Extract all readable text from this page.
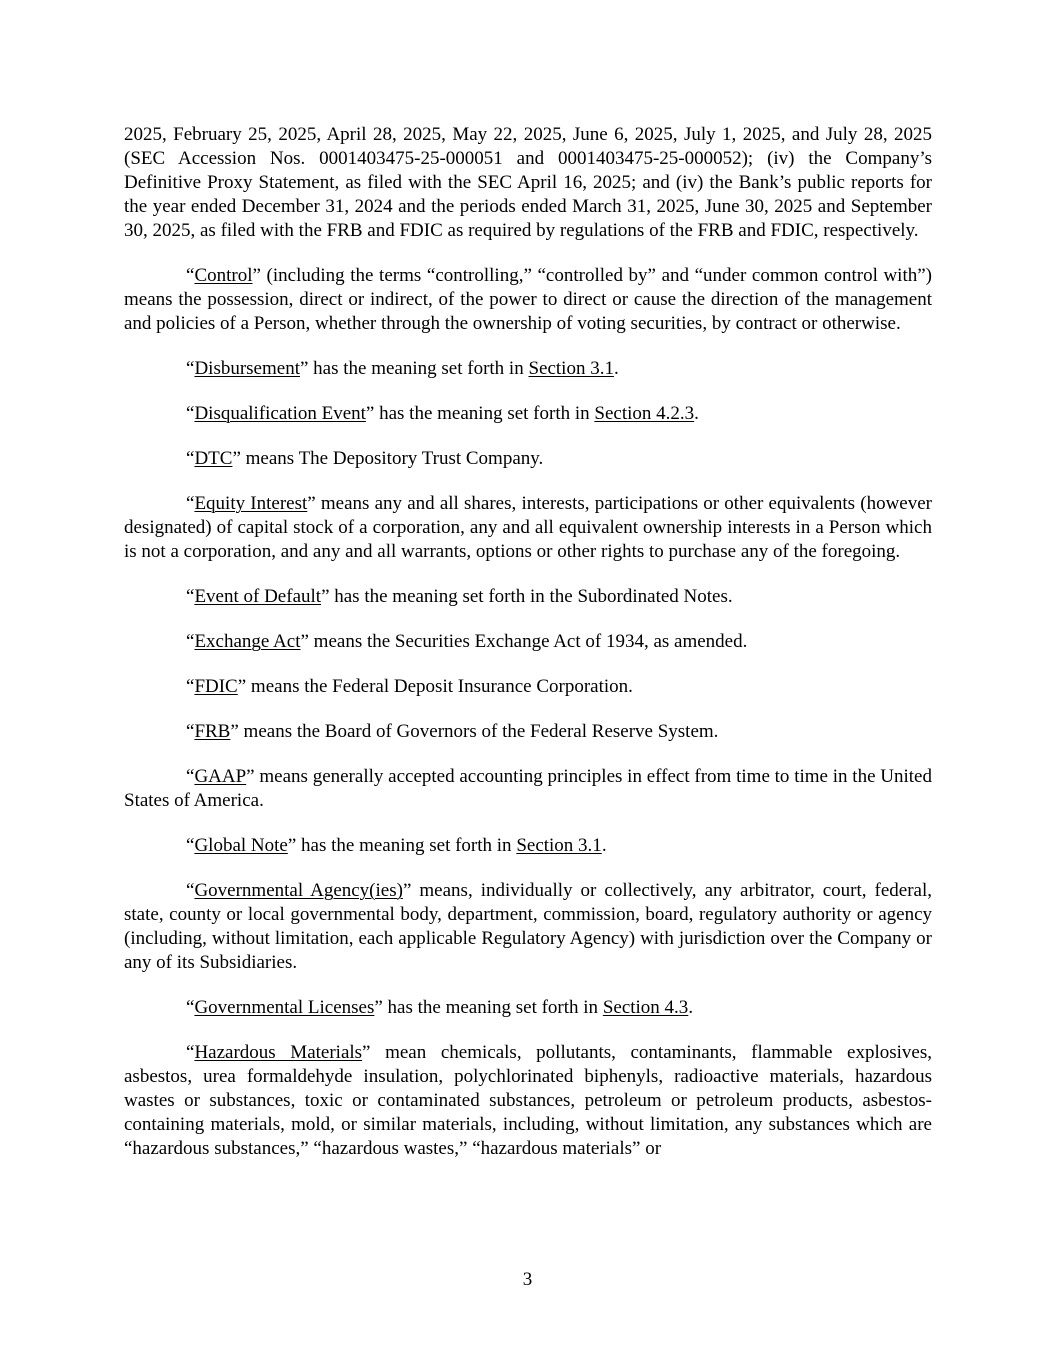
2025, February 25, 2025, April 28, 2025, May 22, 2025, June 6, 2025, July 1, 2025, and July 28, 2025 (SEC Accession Nos. 0001403475-25-000051 and 0001403475-25-000052); (iv) the Company’s Definitive Proxy Statement, as filed with the SEC April 16, 2025; and (iv) the Bank’s public reports for the year ended December 31, 2024 and the periods ended March 31, 2025, June 30, 2025 and September 30, 2025, as filed with the FRB and FDIC as required by regulations of the FRB and FDIC, respectively.

“Control” (including the terms “controlling,” “controlled by” and “under common control with”) means the possession, direct or indirect, of the power to direct or cause the direction of the management and policies of a Person, whether through the ownership of voting securities, by contract or otherwise.

“Disbursement” has the meaning set forth in Section 3.1.

“Disqualification Event” has the meaning set forth in Section 4.2.3.

“DTC” means The Depository Trust Company.

“Equity Interest” means any and all shares, interests, participations or other equivalents (however designated) of capital stock of a corporation, any and all equivalent ownership interests in a Person which is not a corporation, and any and all warrants, options or other rights to purchase any of the foregoing.

“Event of Default” has the meaning set forth in the Subordinated Notes.

“Exchange Act” means the Securities Exchange Act of 1934, as amended.

“FDIC” means the Federal Deposit Insurance Corporation.

“FRB” means the Board of Governors of the Federal Reserve System.

“GAAP” means generally accepted accounting principles in effect from time to time in the United States of America.

“Global Note” has the meaning set forth in Section 3.1.

“Governmental Agency(ies)” means, individually or collectively, any arbitrator, court, federal, state, county or local governmental body, department, commission, board, regulatory authority or agency (including, without limitation, each applicable Regulatory Agency) with jurisdiction over the Company or any of its Subsidiaries.

“Governmental Licenses” has the meaning set forth in Section 4.3.

“Hazardous Materials” mean chemicals, pollutants, contaminants, flammable explosives, asbestos, urea formaldehyde insulation, polychlorinated biphenyls, radioactive materials, hazardous wastes or substances, toxic or contaminated substances, petroleum or petroleum products, asbestos-containing materials, mold, or similar materials, including, without limitation, any substances which are “hazardous substances,” “hazardous wastes,” “hazardous materials” or

3
